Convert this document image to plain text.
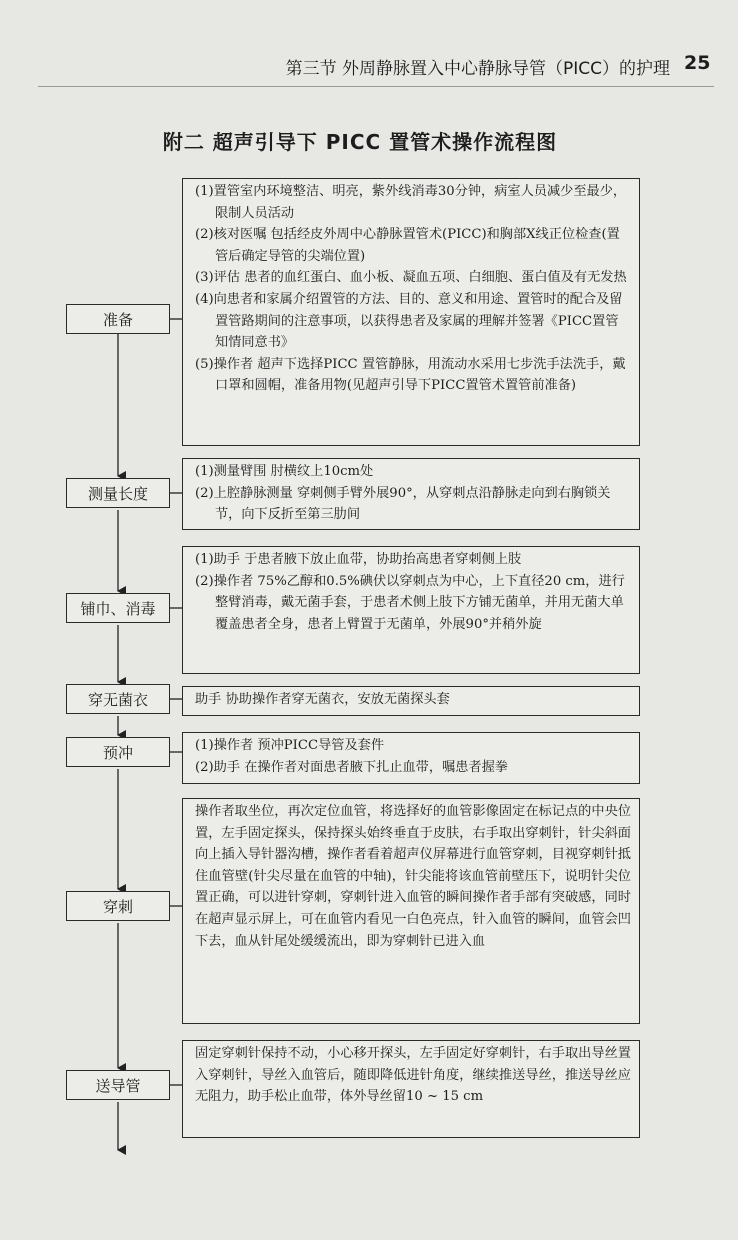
第三节 外周静脉置入中心静脉导管（PICC）的护理 25
附二 超声引导下 PICC 置管术操作流程图
准备
(1)置管室内环境整洁、明亮，紫外线消毒30分钟，病室人员减少至最少，限制人员活动
(2)核对医嘱 包括经皮外周中心静脉置管术(PICC)和胸部X线正位检查(置管后确定导管的尖端位置)
(3)评估 患者的血红蛋白、血小板、凝血五项、白细胞、蛋白值及有无发热
(4)向患者和家属介绍置管的方法、目的、意义和用途、置管时的配合及留置管路期间的注意事项，以获得患者及家属的理解并签署《PICC置管知情同意书》
(5)操作者 超声下选择PICC 置管静脉，用流动水采用七步洗手法洗手，戴口罩和圆帽，准备用物(见超声引导下PICC置管术置管前准备)
测量长度
(1)测量臂围 肘横纹上10cm处
(2)上腔静脉测量 穿刺侧手臂外展90°，从穿刺点沿静脉走向到右胸锁关节，向下反折至第三肋间
铺巾、消毒
(1)助手 于患者腋下放止血带，协助抬高患者穿刺侧上肢
(2)操作者 75%乙醇和0.5%碘伏以穿刺点为中心，上下直径20 cm，进行整臂消毒，戴无菌手套，于患者术侧上肢下方铺无菌单，并用无菌大单覆盖患者全身，患者上臂置于无菌单，外展90°并稍外旋
穿无菌衣	助手 协助操作者穿无菌衣，安放无菌探头套
预冲	(1)操作者 预冲PICC导管及套件
(2)助手 在操作者对面患者腋下扎止血带，嘱患者握拳
穿刺
操作者取坐位，再次定位血管，将选择好的血管影像固定在标记点的中央位置，左手固定探头，保持探头始终垂直于皮肤，右手取出穿刺针，针尖斜面向上插入导针器沟槽，操作者看着超声仪屏幕进行血管穿刺，目视穿刺针抵住血管壁(针尖尽量在血管的中轴)，针尖能将该血管前壁压下，说明针尖位置正确，可以进针穿刺，穿刺针进入血管的瞬间操作者手部有突破感，同时在超声显示屏上，可在血管内看见一白色亮点，针入血管的瞬间，血管会凹下去，血从针尾处缓缓流出，即为穿刺针已进入血
送导管
固定穿刺针保持不动，小心移开探头，左手固定好穿刺针，右手取出导丝置入穿刺针，导丝入血管后，随即降低进针角度，继续推送导丝，推送导丝应无阻力，助手松止血带，体外导丝留10 ~ 15 cm
